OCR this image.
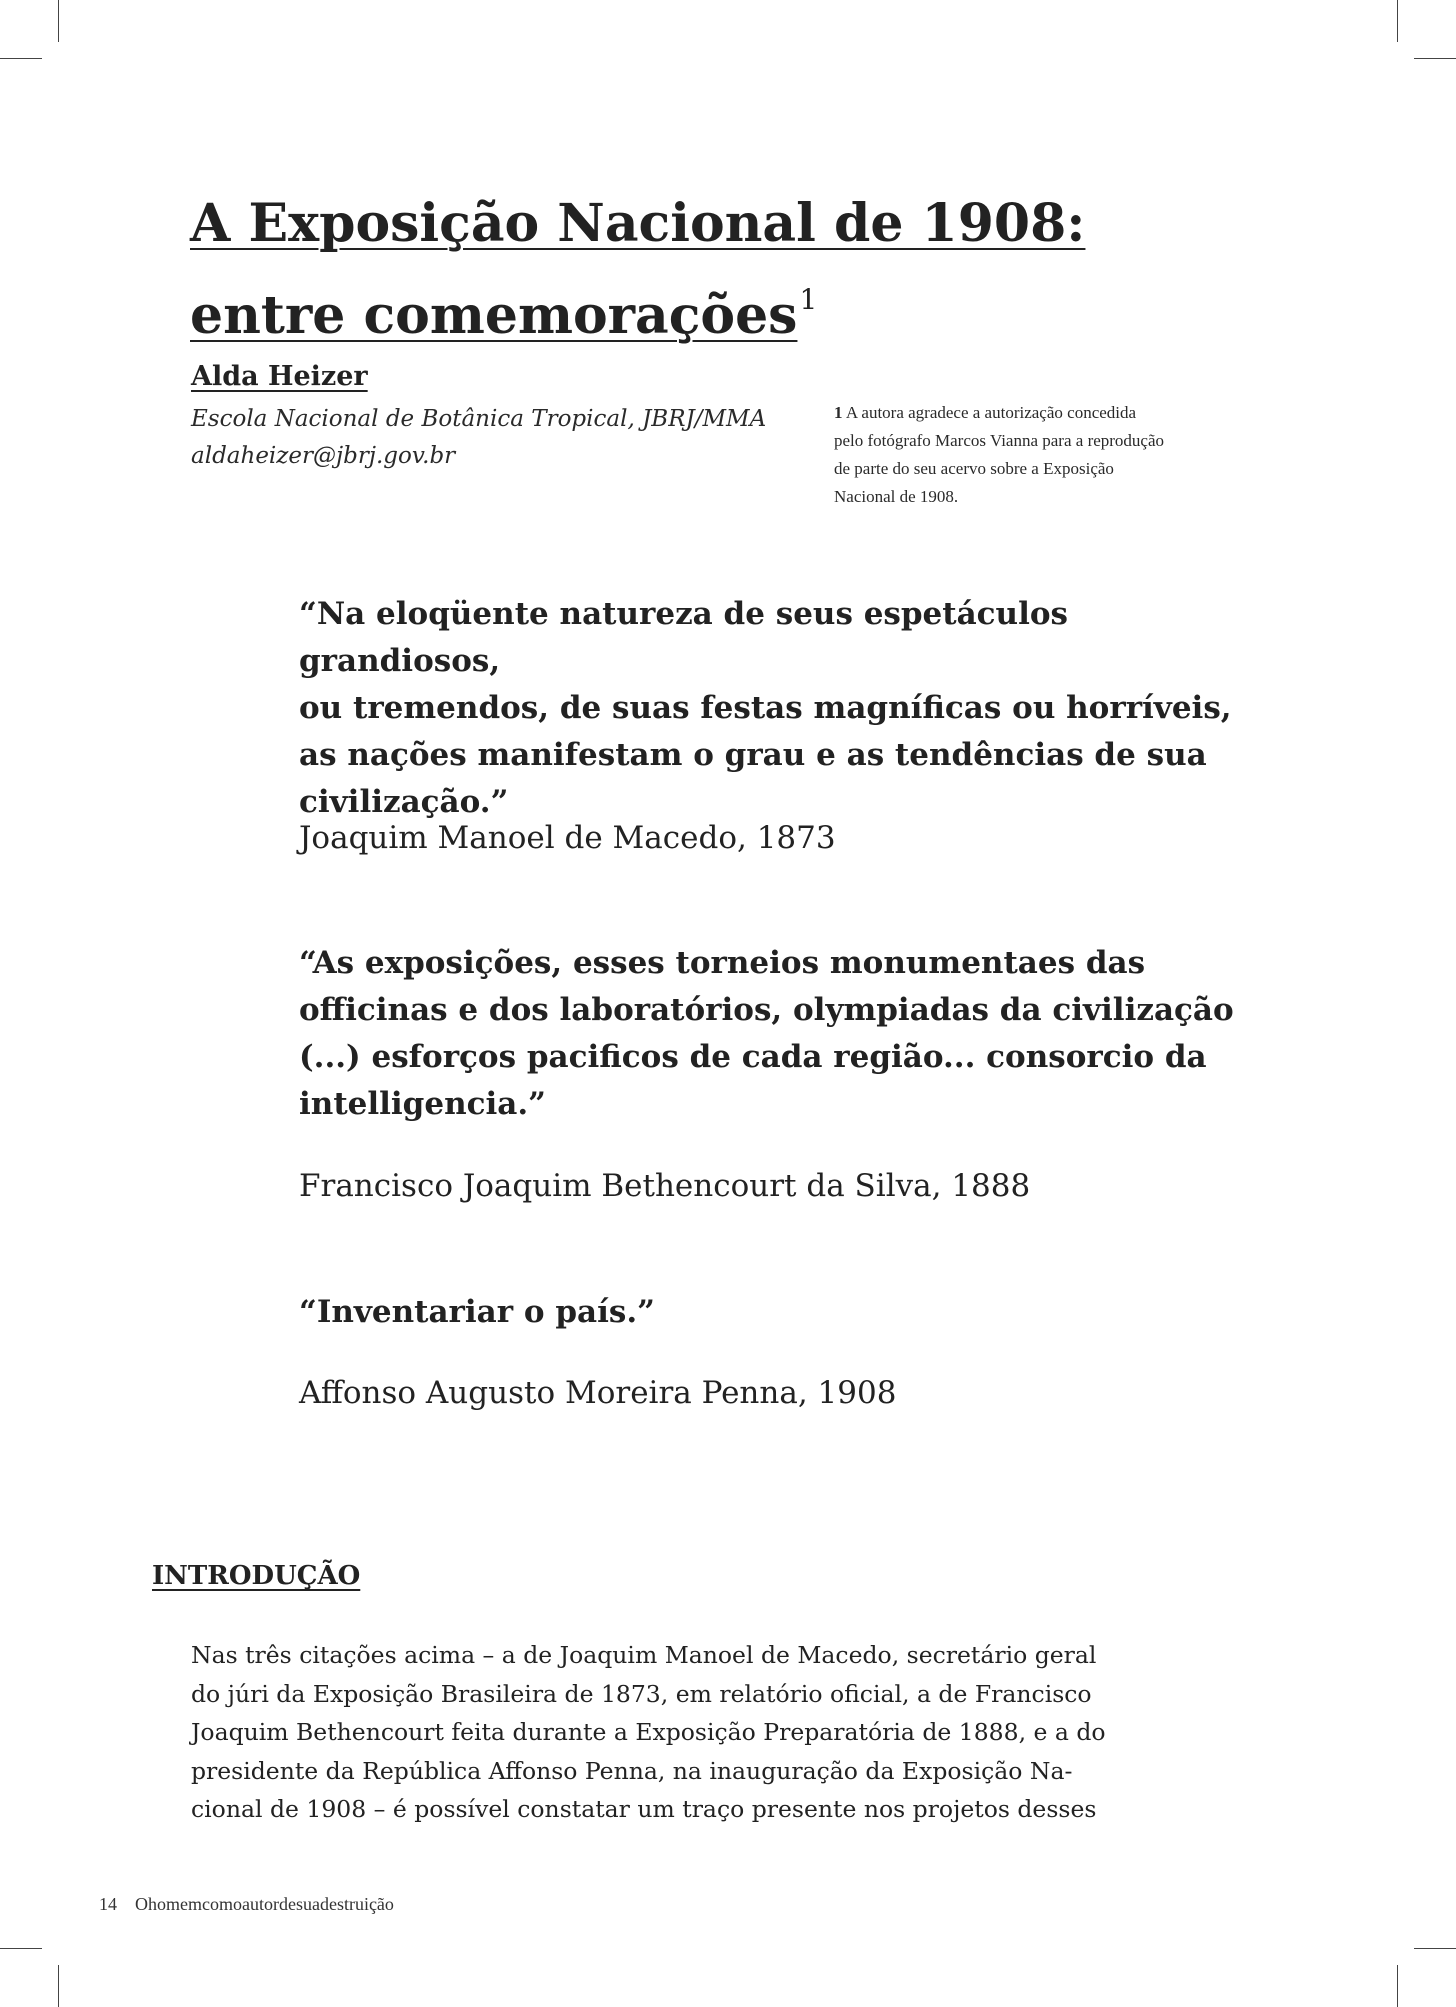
A Exposição Nacional de 1908:
entre comemorações$^1$

Alda Heizer

Escola Nacional de Botânica Tropical, JBRJ/MMA
aldaheizer@jbrj.gov.br

1 A autora agradece a autorização concedida
pelo fotógrafo Marcos Vianna para a reprodução
de parte do seu acervo sobre a Exposição
Nacional de 1908.

“Na eloqüente natureza de seus espetáculos grandiosos,
ou tremendos, de suas festas magníficas ou horríveis,
as nações manifestam o grau e as tendências de sua
civilização.”

Joaquim Manoel de Macedo, 1873

“As exposições, esses torneios monumentaes das
officinas e dos laboratórios, olympiadas da civilização
(...) esforços pacificos de cada região... consorcio da
intelligencia.”

Francisco Joaquim Bethencourt da Silva, 1888

“Inventariar o país.”

Affonso Augusto Moreira Penna, 1908

INTRODUÇÃO

Nas três citações acima – a de Joaquim Manoel de Macedo, secretário geral
do júri da Exposição Brasileira de 1873, em relatório oficial, a de Francisco
Joaquim Bethencourt feita durante a Exposição Preparatória de 1888, e a do
presidente da República Affonso Penna, na inauguração da Exposição Na-
cional de 1908 – é possível constatar um traço presente nos projetos desses

14 Ohomemcomoautordesuadestruição
